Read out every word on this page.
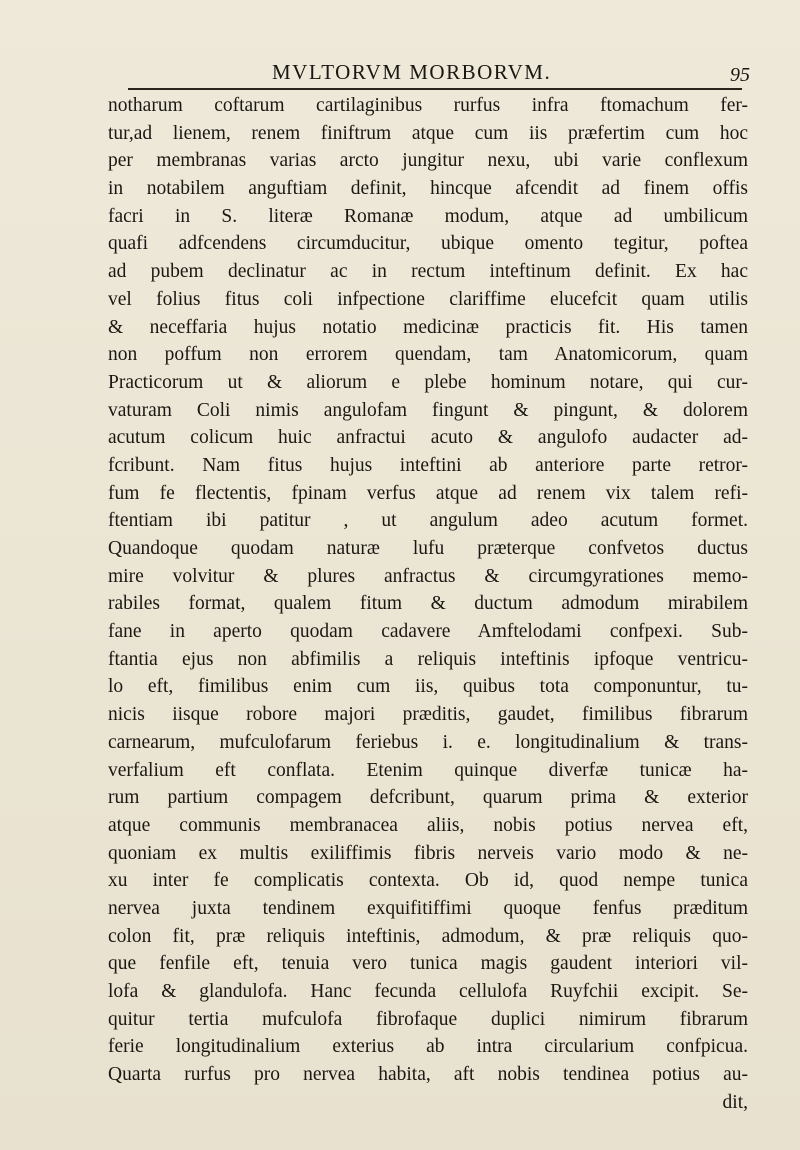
MVLTORVM MORBORVM.	95
notharum coftarum cartilaginibus rurfus infra ftomachum fer-
tur,ad lienem, renem finiftrum atque cum iis præfertim cum hoc
per membranas varias arcto jungitur nexu, ubi varie conflexum
in notabilem anguftiam definit, hincque afcendit ad finem offis
facri in S. literæ Romanæ modum, atque ad umbilicum
quafi adfcendens circumducitur, ubique omento tegitur, poftea
ad pubem declinatur ac in rectum inteftinum definit. Ex hac
vel folius fitus coli infpectione clariffime elucefcit quam utilis
& neceffaria hujus notatio medicinæ practicis fit. His tamen
non poffum non errorem quendam, tam Anatomicorum, quam
Practicorum ut & aliorum e plebe hominum notare, qui cur-
vaturam Coli nimis angulofam fingunt & pingunt, & dolorem
acutum colicum huic anfractui acuto & angulofo audacter ad-
fcribunt. Nam fitus hujus inteftini ab anteriore parte retror-
fum fe flectentis, fpinam verfus atque ad renem vix talem refi-
ftentiam ibi patitur , ut angulum adeo acutum formet.
Quandoque quodam naturæ lufu præterque confvetos ductus
mire volvitur & plures anfractus & circumgyrationes memo-
rabiles format, qualem fitum & ductum admodum mirabilem
fane in aperto quodam cadavere Amftelodami confpexi. Sub-
ftantia ejus non abfimilis a reliquis inteftinis ipfoque ventricu-
lo eft, fimilibus enim cum iis, quibus tota componuntur, tu-
nicis iisque robore majori præditis, gaudet, fimilibus fibrarum
carnearum, mufculofarum feriebus i. e. longitudinalium & trans-
verfalium eft conflata. Etenim quinque diverfæ tunicæ ha-
rum partium compagem defcribunt, quarum prima & exterior
atque communis membranacea aliis, nobis potius nervea eft,
quoniam ex multis exiliffimis fibris nerveis vario modo & ne-
xu inter fe complicatis contexta. Ob id, quod nempe tunica
nervea juxta tendinem exquifitiffimi quoque fenfus præditum
colon fit, præ reliquis inteftinis, admodum, & præ reliquis quo-
que fenfile eft, tenuia vero tunica magis gaudent interiori vil-
lofa & glandulofa. Hanc fecunda cellulofa Ruyfchii excipit. Se-
quitur tertia mufculofa fibrofaque duplici nimirum fibrarum
ferie longitudinalium exterius ab intra circularium confpicua.
Quarta rurfus pro nervea habita, aft nobis tendinea potius au-
dit,
